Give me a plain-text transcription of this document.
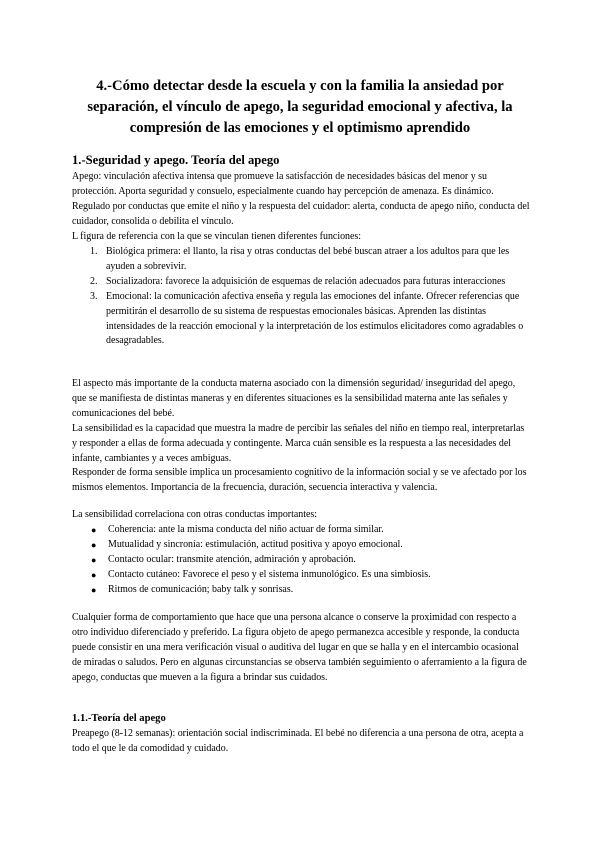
4.-Cómo detectar desde la escuela y con la familia la ansiedad por separación, el vínculo de apego, la seguridad emocional y afectiva, la compresión de las emociones y el optimismo aprendido
1.-Seguridad y apego. Teoría del apego

Apego: vinculación afectiva intensa que promueve la satisfacción de necesidades básicas del menor y su protección. Aporta seguridad y consuelo, especialmente cuando hay percepción de amenaza. Es dinámico. Regulado por conductas que emite el niño y la respuesta del cuidador: alerta, conducta de apego niño, conducta del cuidador, consolida o debilita el vínculo.

L figura de referencia con la que se vinculan tienen diferentes funciones:

1. Biológica primera: el llanto, la risa y otras conductas del bebé buscan atraer a los adultos para que les ayuden a sobrevivir.
2. Socializadora: favorece la adquisición de esquemas de relación adecuados para futuras interacciones
3. Emocional: la comunicación afectiva enseña y regula las emociones del infante. Ofrecer referencias que permitirán el desarrollo de su sistema de respuestas emocionales básicas. Aprenden las distintas intensidades de la reacción emocional y la interpretación de los estímulos elicitadores como agradables o desagradables.

El aspecto más importante de la conducta materna asociado con la dimensión seguridad/ inseguridad del apego, que se manifiesta de distintas maneras y en diferentes situaciones es la sensibilidad materna ante las señales y comunicaciones del bebé.

La sensibilidad es la capacidad que muestra la madre de percibir las señales del niño en tiempo real, interpretarlas y responder a ellas de forma adecuada y contingente. Marca cuán sensible es la respuesta a las necesidades del infante, cambiantes y a veces ambiguas.

Responder de forma sensible implica un procesamiento cognitivo de la información social y se ve afectado por los mismos elementos. Importancia de la frecuencia, duración, secuencia interactiva y valencia.

La sensibilidad correlaciona con otras conductas importantes:

● Coherencia: ante la misma conducta del niño actuar de forma similar.
● Mutualidad y sincronía: estimulación, actitud positiva y apoyo emocional.
● Contacto ocular: transmite atención, admiración y aprobación.
● Contacto cutáneo: Favorece el peso y el sistema inmunológico. Es una simbiosis.
● Ritmos de comunicación; baby talk y sonrisas.

Cualquier forma de comportamiento que hace que una persona alcance o conserve la proximidad con respecto a otro individuo diferenciado y preferido. La figura objeto de apego permanezca accesible y responde, la conducta puede consistir en una mera verificación visual o auditiva del lugar en que se halla y en el intercambio ocasional de miradas o saludos. Pero en algunas circunstancias se observa también seguimiento o aferramiento a la figura de apego, conductas que mueven a la figura a brindar sus cuidados.

1.1.-Teoría del apego

Preapego (8-12 semanas): orientación social indiscriminada. El bebé no diferencia a una persona de otra, acepta a todo el que le da comodidad y cuidado.
